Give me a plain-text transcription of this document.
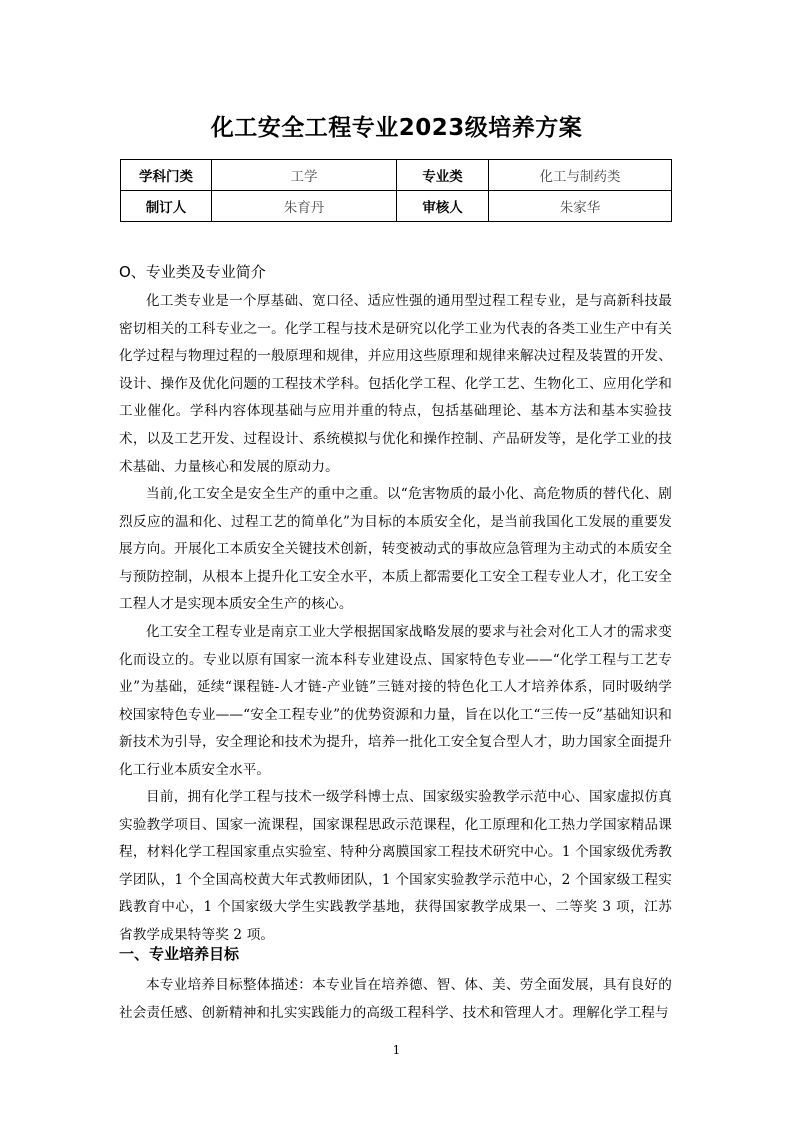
化工安全工程专业2023级培养方案
学科门类	工学	专业类	化工与制药类
制订人	朱育丹	审核人	朱家华
O、专业类及专业简介
化工类专业是一个厚基础、宽口径、适应性强的通用型过程工程专业，是与高新科技最密切相关的工科专业之一。化学工程与技术是研究以化学工业为代表的各类工业生产中有关化学过程与物理过程的一般原理和规律，并应用这些原理和规律来解决过程及装置的开发、设计、操作及优化问题的工程技术学科。包括化学工程、化学工艺、生物化工、应用化学和工业催化。学科内容体现基础与应用并重的特点，包括基础理论、基本方法和基本实验技术，以及工艺开发、过程设计、系统模拟与优化和操作控制、产品研发等，是化学工业的技术基础、力量核心和发展的原动力。
当前,化工安全是安全生产的重中之重。以“危害物质的最小化、高危物质的替代化、剧烈反应的温和化、过程工艺的简单化”为目标的本质安全化，是当前我国化工发展的重要发展方向。开展化工本质安全关键技术创新，转变被动式的事故应急管理为主动式的本质安全与预防控制，从根本上提升化工安全水平，本质上都需要化工安全工程专业人才，化工安全工程人才是实现本质安全生产的核心。
化工安全工程专业是南京工业大学根据国家战略发展的要求与社会对化工人才的需求变化而设立的。专业以原有国家一流本科专业建设点、国家特色专业——“化学工程与工艺专业”为基础，延续“课程链-人才链-产业链”三链对接的特色化工人才培养体系，同时吸纳学校国家特色专业——“安全工程专业”的优势资源和力量，旨在以化工“三传一反”基础知识和新技术为引导，安全理论和技术为提升，培养一批化工安全复合型人才，助力国家全面提升化工行业本质安全水平。
目前，拥有化学工程与技术一级学科博士点、国家级实验教学示范中心、国家虚拟仿真实验教学项目、国家一流课程，国家课程思政示范课程，化工原理和化工热力学国家精品课程，材料化学工程国家重点实验室、特种分离膜国家工程技术研究中心。1 个国家级优秀教学团队，1 个全国高校黄大年式教师团队，1 个国家实验教学示范中心，2 个国家级工程实践教育中心，1 个国家级大学生实践教学基地，获得国家教学成果一、二等奖 3 项，江苏省教学成果特等奖 2 项。
一、专业培养目标
本专业培养目标整体描述：本专业旨在培养德、智、体、美、劳全面发展，具有良好的社会责任感、创新精神和扎实实践能力的高级工程科学、技术和管理人才。理解化学工程与
1
